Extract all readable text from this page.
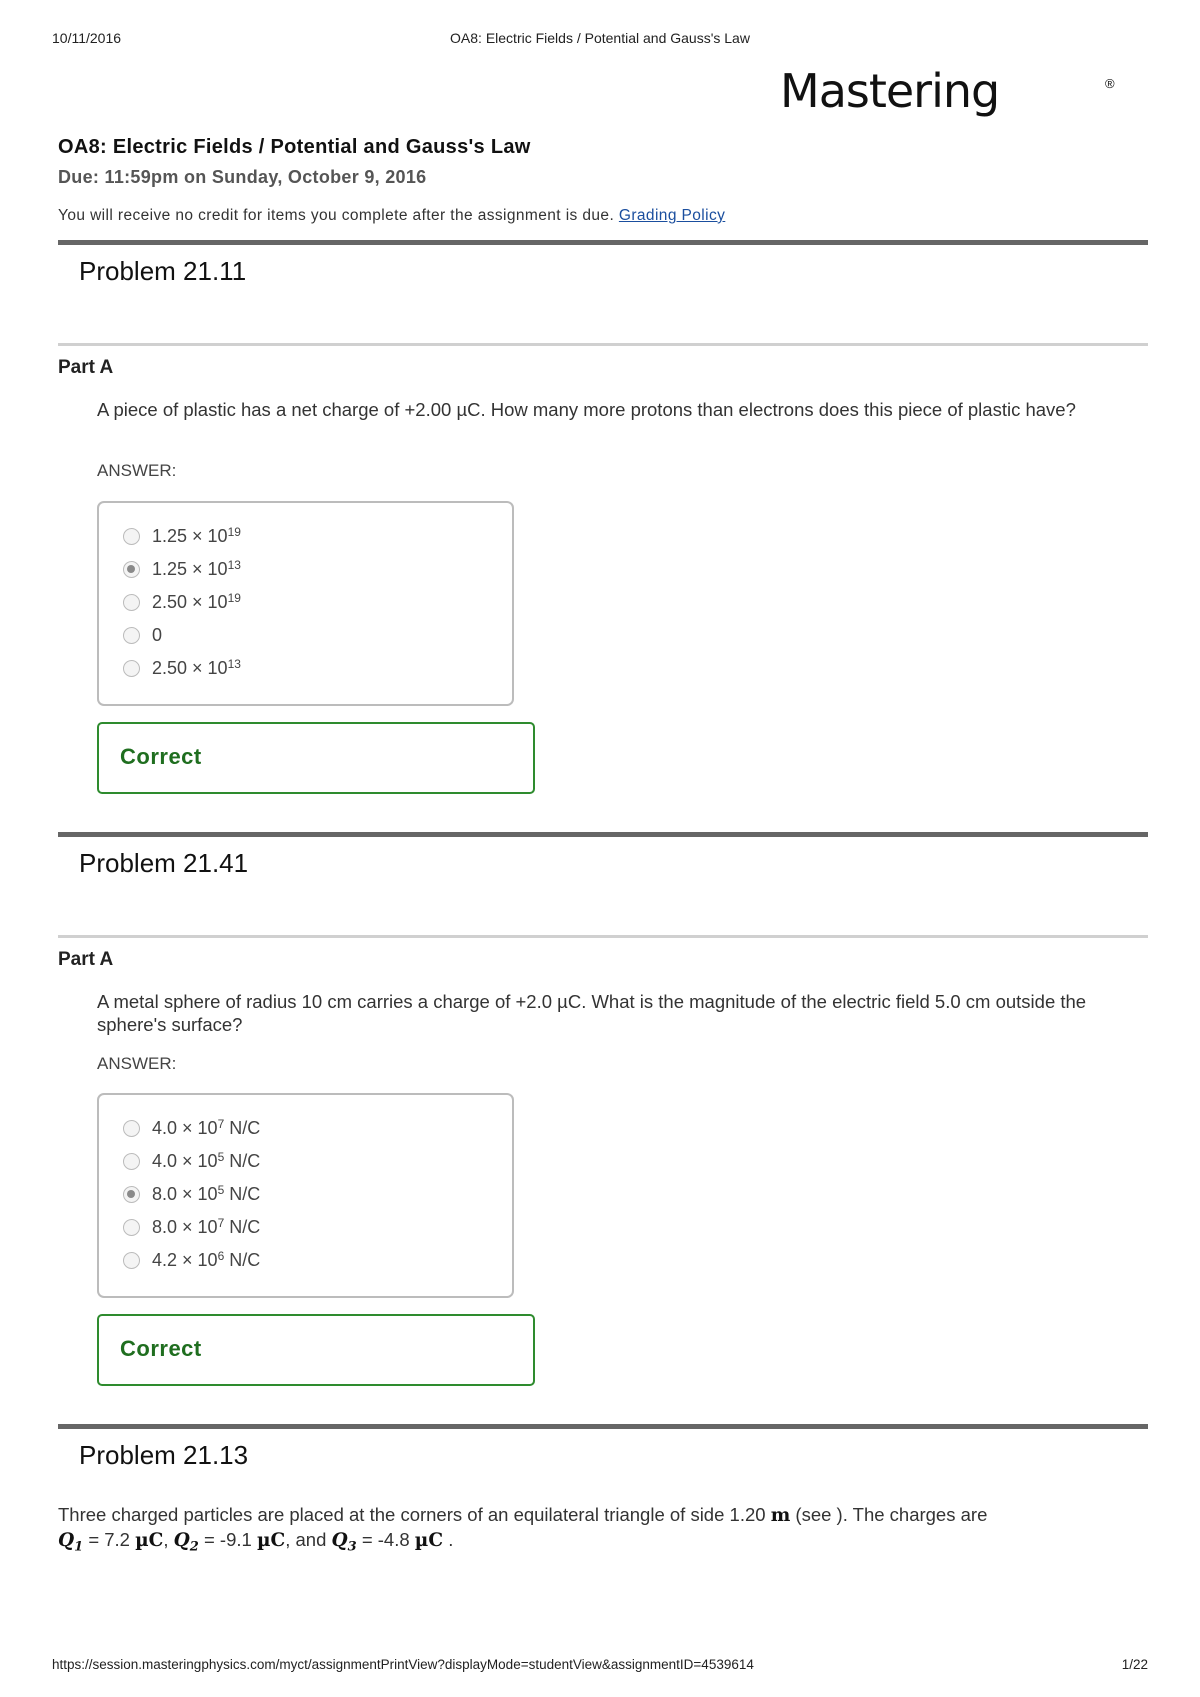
10/11/2016	OA8: Electric Fields / Potential and Gauss's Law
Mastering	®
OA8: Electric Fields / Potential and Gauss's Law
Due: 11:59pm on Sunday, October 9, 2016
You will receive no credit for items you complete after the assignment is due. Grading Policy
Problem 21.11
Part A
A piece of plastic has a net charge of +2.00 µC. How many more protons than electrons does this piece of plastic have?
ANSWER:
$1.25 \times 10^{19}$
$1.25 \times 10^{13}$
$2.50 \times 10^{19}$
0
$2.50 \times 10^{13}$
Correct
Problem 21.41
Part A
A metal sphere of radius 10 cm carries a charge of +2.0 µC. What is the magnitude of the electric field 5.0 cm outside the sphere's surface?
ANSWER:
$4.0 \times 10^7$ N/C
$4.0 \times 10^5$ N/C
$8.0 \times 10^5$ N/C
$8.0 \times 10^7$ N/C
$4.2 \times 10^6$ N/C
Correct
Problem 21.13
Three charged particles are placed at the corners of an equilateral triangle of side 1.20 m (see ). The charges are
$Q_1 = 7.2$ µC, $Q_2 = -9.1$ µC, and $Q_3 = -4.8$ µC .
https://session.masteringphysics.com/myct/assignmentPrintView?displayMode=studentView&assignmentID=4539614	1/22
